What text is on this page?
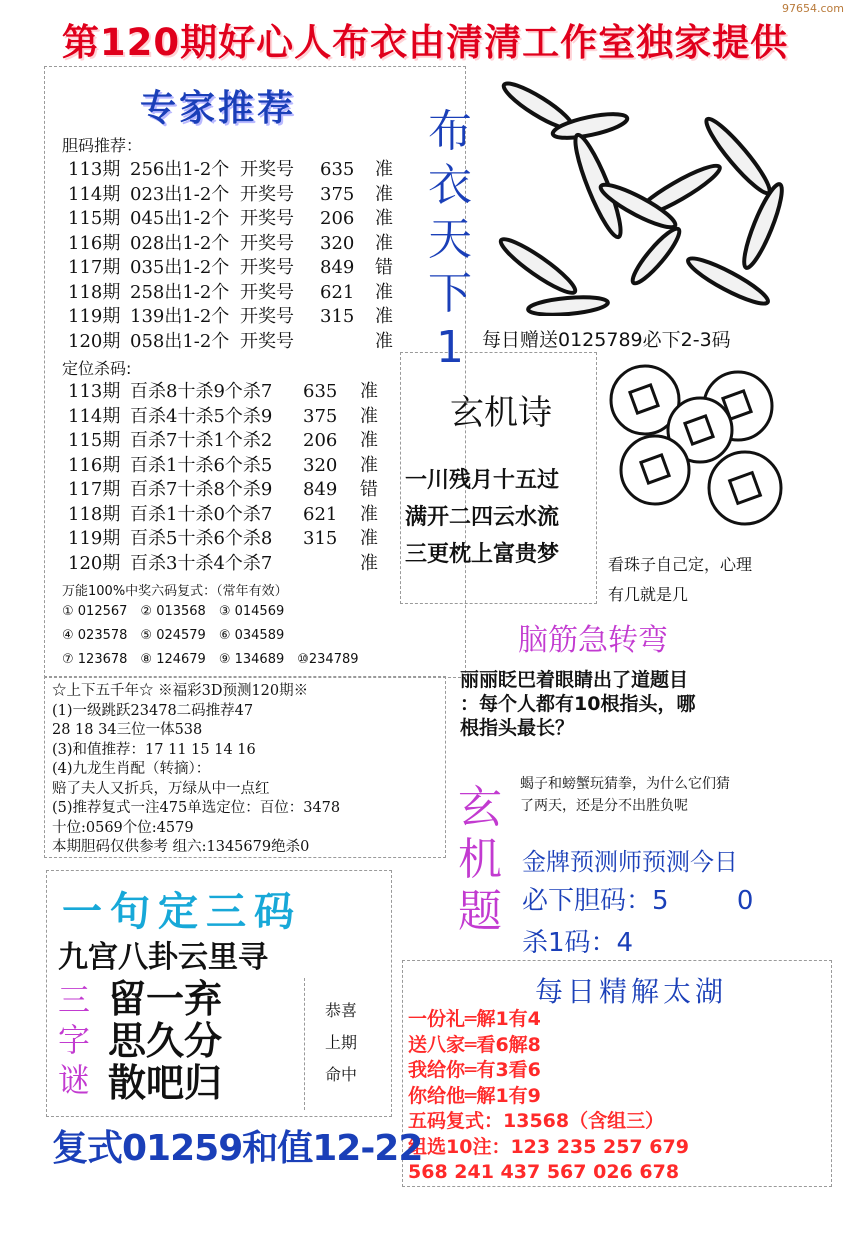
97654.com
第120期好心人布衣由清清工作室独家提供
专家推荐
胆码推荐：
113期 256出1-2个 开奖号 635 准
114期 023出1-2个 开奖号 375 准
115期 045出1-2个 开奖号 206 准
116期 028出1-2个 开奖号 320 准
117期 035出1-2个 开奖号 849 错
118期 258出1-2个 开奖号 621 准
119期 139出1-2个 开奖号 315 准
120期 058出1-2个 开奖号	准
定位杀码:
113期 百杀8十杀9个杀7 635 准
114期 百杀4十杀5个杀9 375 准
115期 百杀7十杀1个杀2 206 准
116期 百杀1十杀6个杀5 320 准
117期 百杀7十杀8个杀9 849 错
118期 百杀1十杀0个杀7 621 准
119期 百杀5十杀6个杀8 315 准
120期 百杀3十杀4个杀7	准
万能100%中奖六码复式：（常年有效）
① 012567　② 013568　③ 014569
④ 023578　⑤ 024579　⑥ 034589
⑦ 123678　⑧ 124679　⑨ 134689　⑩234789
布衣天下1 每日赠送0125789必下2-3码
玄机诗
一川残月十五过
满开二四云水流
三更枕上富贵梦	看珠子自己定，心理
有几就是几
脑筋急转弯
丽丽眨巴着眼睛出了道题目
：每个人都有10根指头，哪
根指头最长？
☆上下五千年☆ ※福彩3D预测120期※
(1)一级跳跃23478二码推荐47
28 18 34三位一体538
(3)和值推荐：17 11 15 14 16
(4)九龙生肖配（转摘）：
赔了夫人又折兵，万绿从中一点红
(5)推荐复式一注475单选定位：百位：3478
十位:0569个位:4579
本期胆码仅供参考 组六:1345679绝杀0
玄机题
蝎子和螃蟹玩猜拳，为什么它们猜
了两天，还是分不出胜负呢
金牌预测师预测今日
必下胆码：5	0
杀1码：4
每日精解太湖
一份礼═解1有4
送八家═看6解8
我给你═有3看6
你给他═解1有9
五码复式：13568（含组三）
组选10注：123 235 257 679
568 241 437 567 026 678
一句定三码
九宫八卦云里寻
三
字
谜
留一弃
思久分
散吧归
恭喜
上期
命中
复式01259和值12-22
